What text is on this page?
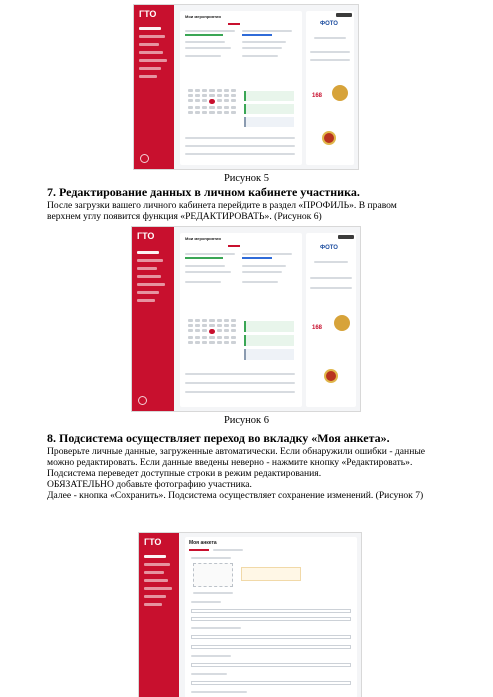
ГТО	Мои мероприятия
ФОТО
168
Рисунок 5
7. Редактирование данных в личном кабинете участника.
После загрузки вашего личного кабинета перейдите в раздел «ПРОФИЛЬ». В правом
верхнем углу появится функция «РЕДАКТИРОВАТЬ». (Рисунок 6)
ГТО	Мои мероприятия
ФОТО
168
Рисунок 6
8. Подсистема осуществляет переход во вкладку «Моя анкета».
Проверьте личные данные, загруженные автоматически. Если обнаружили ошибки - данные
можно редактировать. Если данные введены неверно - нажмите кнопку «Редактировать».
Подсистема переведет доступные строки в режим редактирования.
ОБЯЗАТЕЛЬНО добавьте фотографию участника.
Далее - кнопка «Сохранить». Подсистема осуществляет сохранение изменений. (Рисунок 7)
ГТО	Моя анкета
